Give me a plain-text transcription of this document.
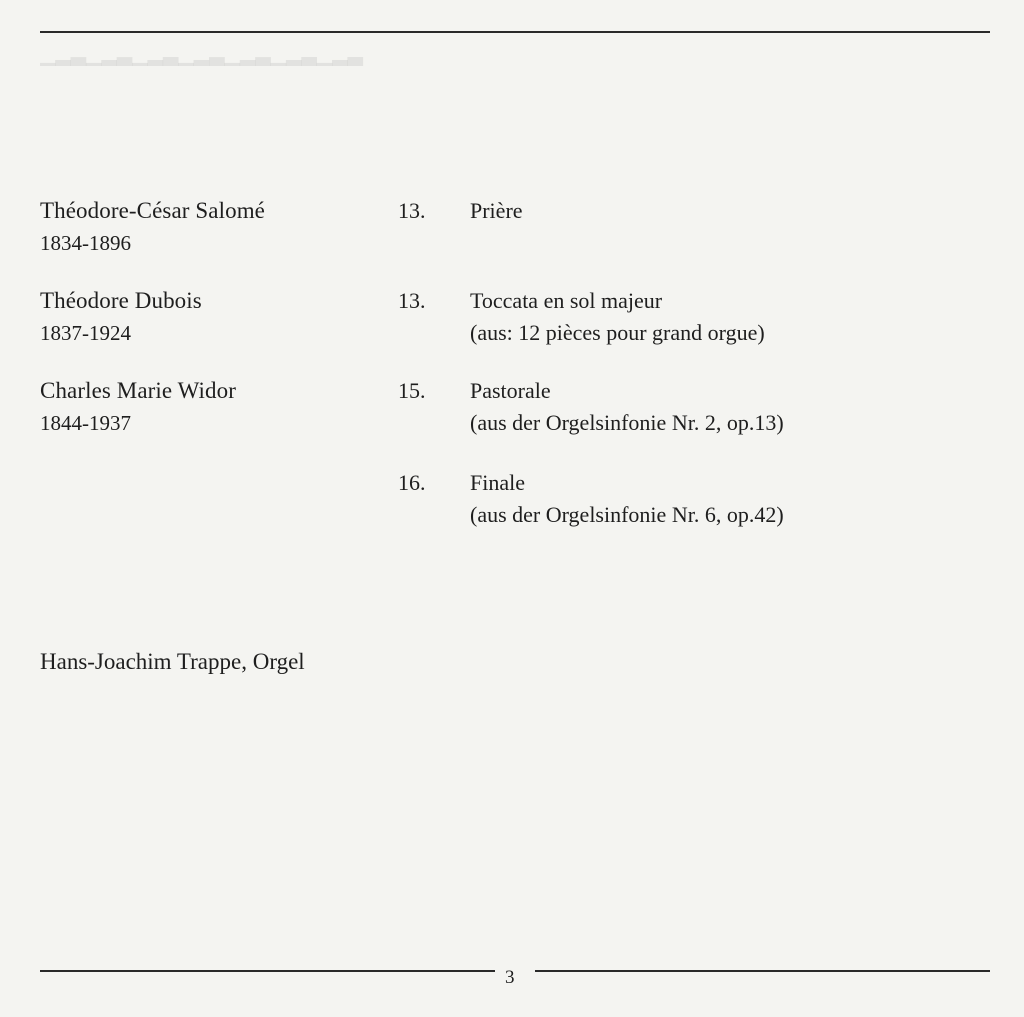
▁▂▃▁▂▃▁▂▃▁▂▃▁▂▃▁▂▃▁▂▃
Théodore-César Salomé
1834-1896
13. Prière
Théodore Dubois
1837-1924
13. Toccata en sol majeur
(aus: 12 pièces pour grand orgue)
Charles Marie Widor
1844-1937
15. Pastorale
(aus der Orgelsinfonie Nr. 2, op.13)
16. Finale
(aus der Orgelsinfonie Nr. 6, op.42)
Hans-Joachim Trappe, Orgel
3
